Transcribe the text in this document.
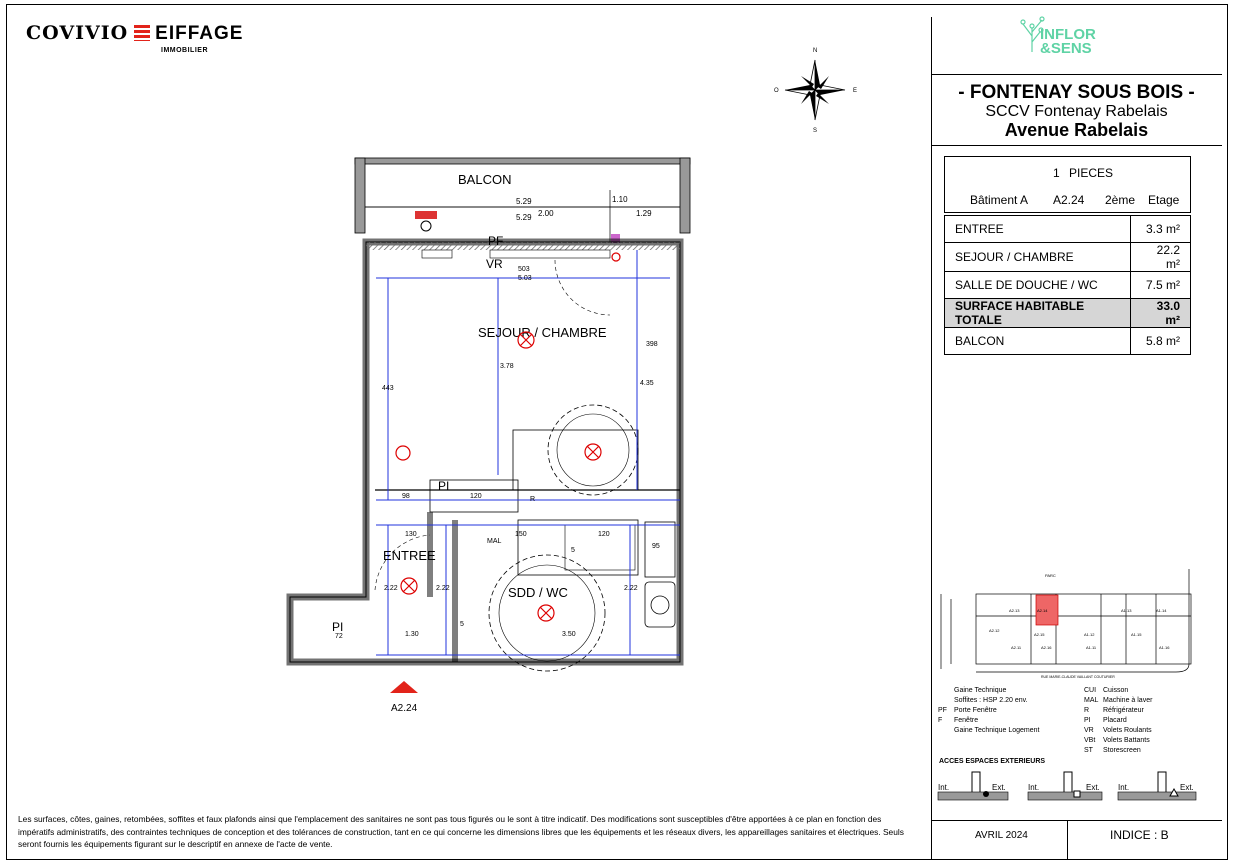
COVIVIO EIFFAGE
IMMOBILIER	N
S
E
O
BALCON
PF
VR
5.29
5.29 2.00	1.29
1.10
503
5.03
3.78
443
4.35
398
98	120
130	150
5
120
95
2.22	2.22	2.22
72	1.30	3.50
5
SEJOUR / CHAMBRE
ENTREE
SDD / WC
PI
PI
MAL
R
A2.24
INFLOR
&SENS
- FONTENAY SOUS BOIS -
SCCV Fontenay Rabelais
Avenue Rabelais
1 PIECES
Bâtiment A A2.24 2ème Etage
ENTREE	3.3 m²
SEJOUR / CHAMBRE	22.2 m²
SALLE DE DOUCHE / WC	7.5 m²
SURFACE HABITABLE TOTALE	33.0 m²
BALCON	5.8 m²
PARC
RUE MARIE-CLAUDE VAILLANT COUTURIER
A2.13	A2.14
A2.12
A2.11
A2.15
A2.16
A1.12
A1.11
A1.13	A1.14
A1.15
A1.16
Gaine Technique
Soffites : HSP 2.20 env.
PF Porte Fenêtre
F Fenêtre
Gaine Technique Logement
CUI Cuisson
MAL Machine à laver
R Réfrigérateur
PI Placard
VR Volets Roulants
VBt Volets Battants
ST Storescreen
ACCES ESPACES EXTERIEURS
Int.	Ext.	Int.	Ext. Int.	Ext.
AVRIL 2024	INDICE : B
Les surfaces, côtes, gaines, retombées, soffites et faux plafonds ainsi que l'emplacement des sanitaires ne sont pas tous figurés ou le sont à titre indicatif. Des modifications sont susceptibles d'être apportées à ce plan en fonction des impératifs administratifs, des contraintes techniques de conception et des tolérances de construction, tant en ce qui concerne les dimensions libres que les équipements et les réseaux divers, les appareillages sanitaires et électriques. Seuls seront fournis les équipements figurant sur le descriptif en annexe de l'acte de vente.
